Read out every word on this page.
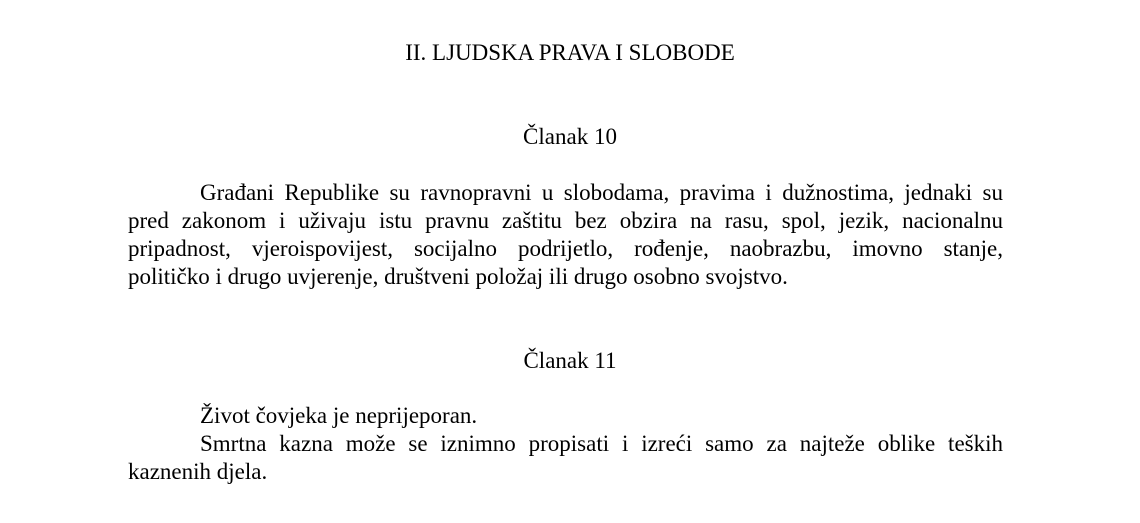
II. LJUDSKA PRAVA I SLOBODE
Članak 10
Građani Republike su ravnopravni u slobodama, pravima i dužnostima, jednaki su
pred zakonom i uživaju istu pravnu zaštitu bez obzira na rasu, spol, jezik, nacionalnu
pripadnost, vjeroispovijest, socijalno podrijetlo, rođenje, naobrazbu, imovno stanje,
političko i drugo uvjerenje, društveni položaj ili drugo osobno svojstvo.
Članak 11
Život čovjeka je neprijeporan.
Smrtna kazna može se iznimno propisati i izreći samo za najteže oblike teških
kaznenih djela.
